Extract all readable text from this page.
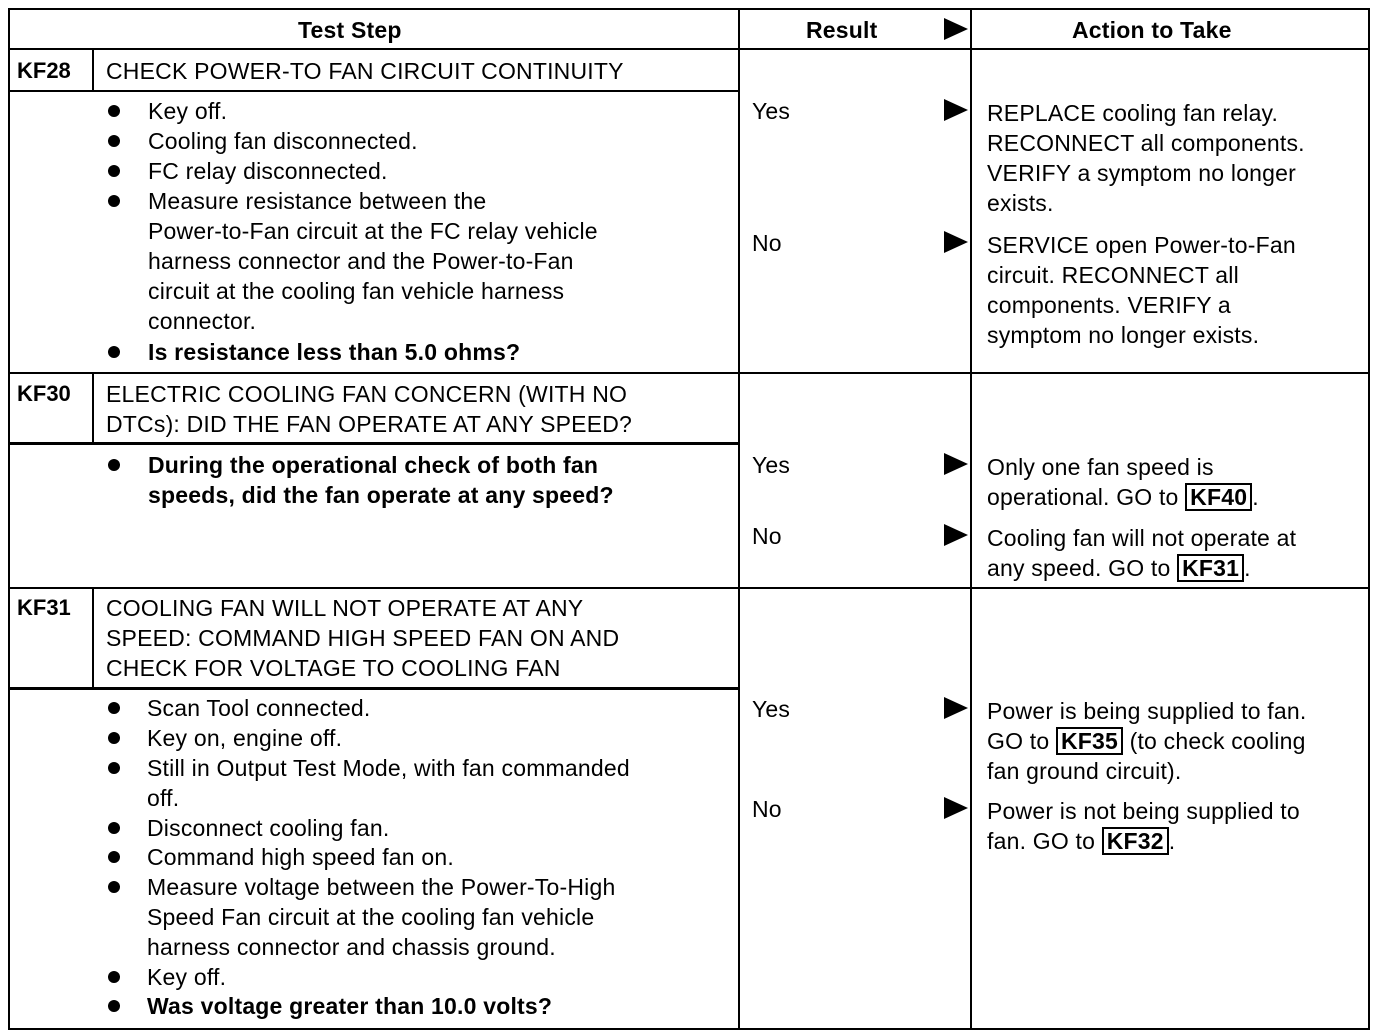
Test Step	Result	Action to Take
KF28 CHECK POWER-TO FAN CIRCUIT CONTINUITY
Key off.
Cooling fan disconnected.
FC relay disconnected.
Measure resistance between the
Power-to-Fan circuit at the FC relay vehicle
harness connector and the Power-to-Fan
circuit at the cooling fan vehicle harness
connector.
Is resistance less than 5.0 ohms?
Yes	REPLACE cooling fan relay.
RECONNECT all components.
VERIFY a symptom no longer
exists.
No	SERVICE open Power-to-Fan
circuit. RECONNECT all
components. VERIFY a
symptom no longer exists.
KF30 ELECTRIC COOLING FAN CONCERN (WITH NO
DTCs): DID THE FAN OPERATE AT ANY SPEED?
During the operational check of both fan
speeds, did the fan operate at any speed?
Yes	Only one fan speed is
operational. GO to KF40 .
No	Cooling fan will not operate at
any speed. GO to KF31 .
KF31 COOLING FAN WILL NOT OPERATE AT ANY
SPEED: COMMAND HIGH SPEED FAN ON AND
CHECK FOR VOLTAGE TO COOLING FAN
Scan Tool connected.
Key on, engine off.
Still in Output Test Mode, with fan commanded
off.
Disconnect cooling fan.
Command high speed fan on.
Measure voltage between the Power-To-High
Speed Fan circuit at the cooling fan vehicle
harness connector and chassis ground.
Key off.
Was voltage greater than 10.0 volts?
Yes	Power is being supplied to fan.
GO to KF35 (to check cooling
fan ground circuit).
No	Power is not being supplied to
fan. GO to KF32 .
